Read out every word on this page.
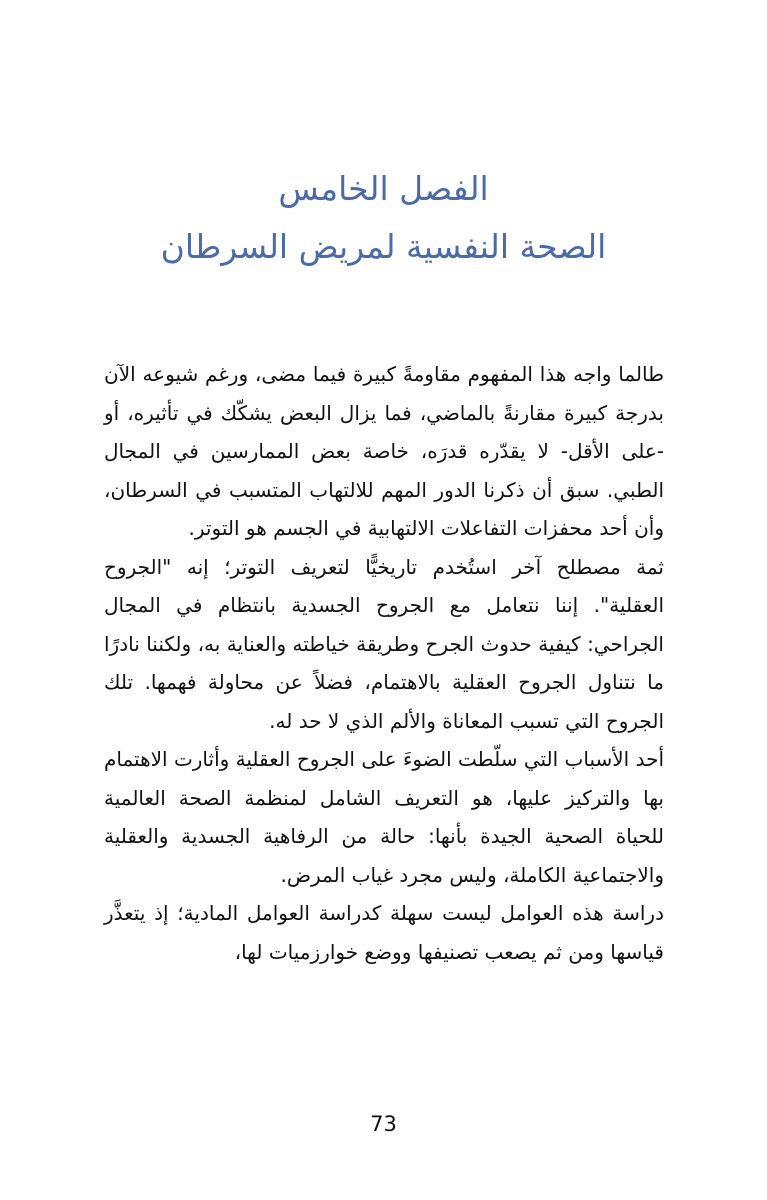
الفصل الخامس
الصحة النفسية لمريض السرطان

طالما واجه هذا المفهوم مقاومةً كبيرة فيما مضى، ورغم شيوعه الآن بدرجة كبيرة مقارنةً بالماضي، فما يزال البعض يشكّك في تأثيره، أو -على الأقل- لا يقدّره قدرَه، خاصة بعض الممارسين في المجال الطبي. سبق أن ذكرنا الدور المهم للالتهاب المتسبب في السرطان، وأن أحد محفزات التفاعلات الالتهابية في الجسم هو التوتر.

ثمة مصطلح آخر استُخدم تاريخيًّا لتعريف التوتر؛ إنه "الجروح العقلية". إننا نتعامل مع الجروح الجسدية بانتظام في المجال الجراحي: كيفية حدوث الجرح وطريقة خياطته والعناية به، ولكننا نادرًا ما نتناول الجروح العقلية بالاهتمام، فضلاً عن محاولة فهمها. تلك الجروح التي تسبب المعاناة والألم الذي لا حد له.

أحد الأسباب التي سلّطت الضوءَ على الجروح العقلية وأثارت الاهتمام بها والتركيز عليها، هو التعريف الشامل لمنظمة الصحة العالمية للحياة الصحية الجيدة بأنها: حالة من الرفاهية الجسدية والعقلية والاجتماعية الكاملة، وليس مجرد غياب المرض.

دراسة هذه العوامل ليست سهلة كدراسة العوامل المادية؛ إذ يتعذَّر قياسها ومن ثم يصعب تصنيفها ووضع خوارزميات لها،

73
